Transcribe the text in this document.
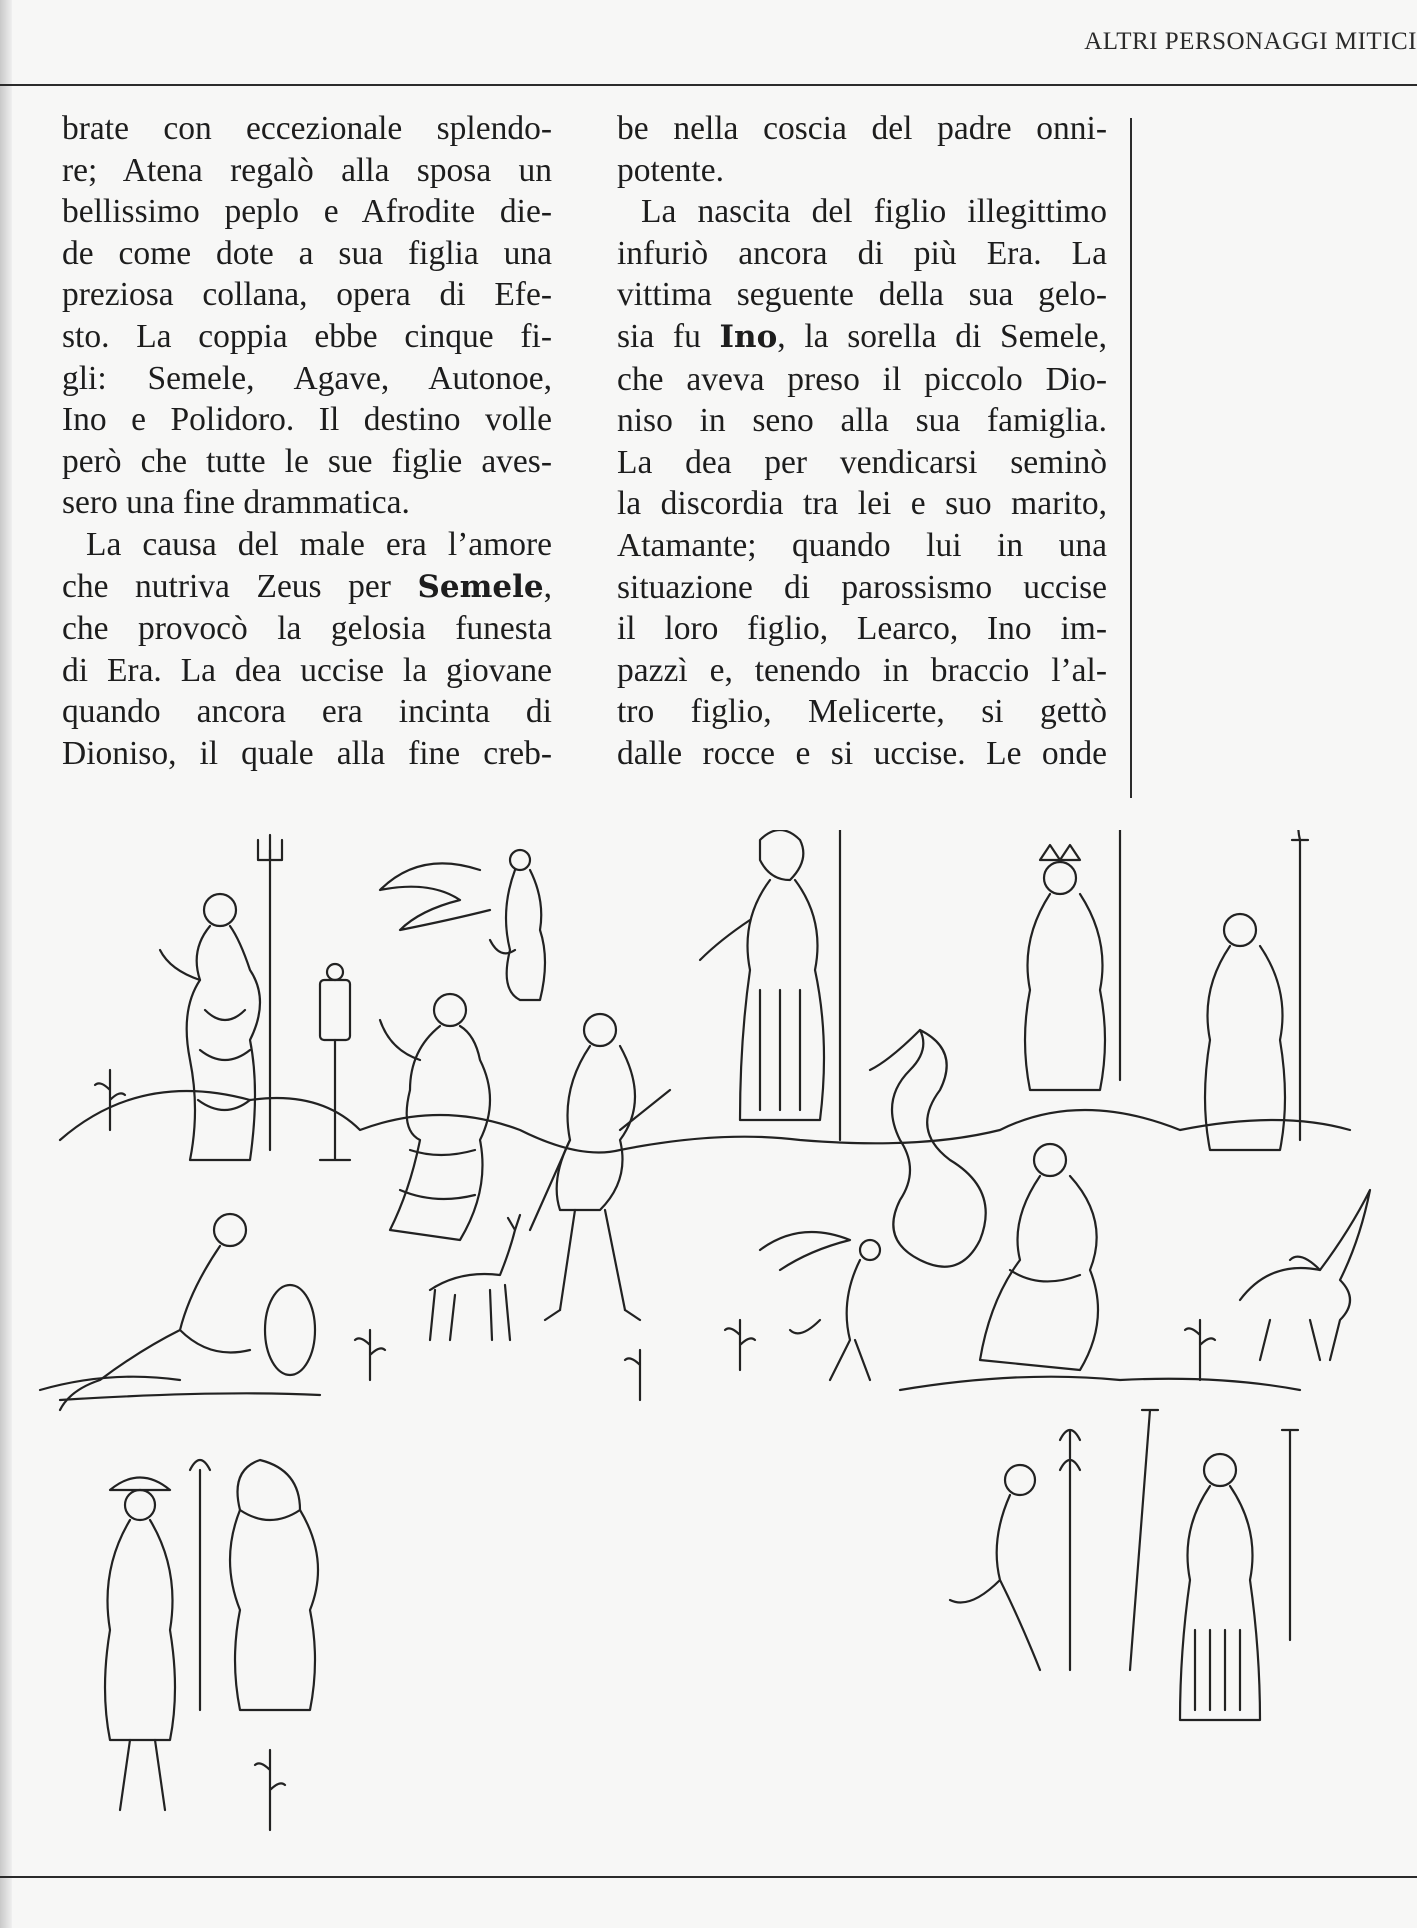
ALTRI PERSONAGGI MITICI

brate con eccezionale splendo-
re; Atena regalò alla sposa un
bellissimo peplo e Afrodite die-
de come dote a sua figlia una
preziosa collana, opera di Efe-
sto. La coppia ebbe cinque fi-
gli: Semele, Agave, Autonoe,
Ino e Polidoro. Il destino volle
però che tutte le sue figlie aves-
sero una fine drammatica.

La causa del male era l’amore
che nutriva Zeus per Semele,
che provocò la gelosia funesta
di Era. La dea uccise la giovane
quando ancora era incinta di
Dioniso, il quale alla fine creb-

be nella coscia del padre onni-
potente.

La nascita del figlio illegittimo
infuriò ancora di più Era. La
vittima seguente della sua gelo-
sia fu Ino, la sorella di Semele,
che aveva preso il piccolo Dio-
niso in seno alla sua famiglia.
La dea per vendicarsi seminò
la discordia tra lei e suo marito,
Atamante; quando lui in una
situazione di parossismo uccise
il loro figlio, Learco, Ino im-
pazzì e, tenendo in braccio l’al-
tro figlio, Melicerte, si gettò
dalle rocce e si uccise. Le onde
